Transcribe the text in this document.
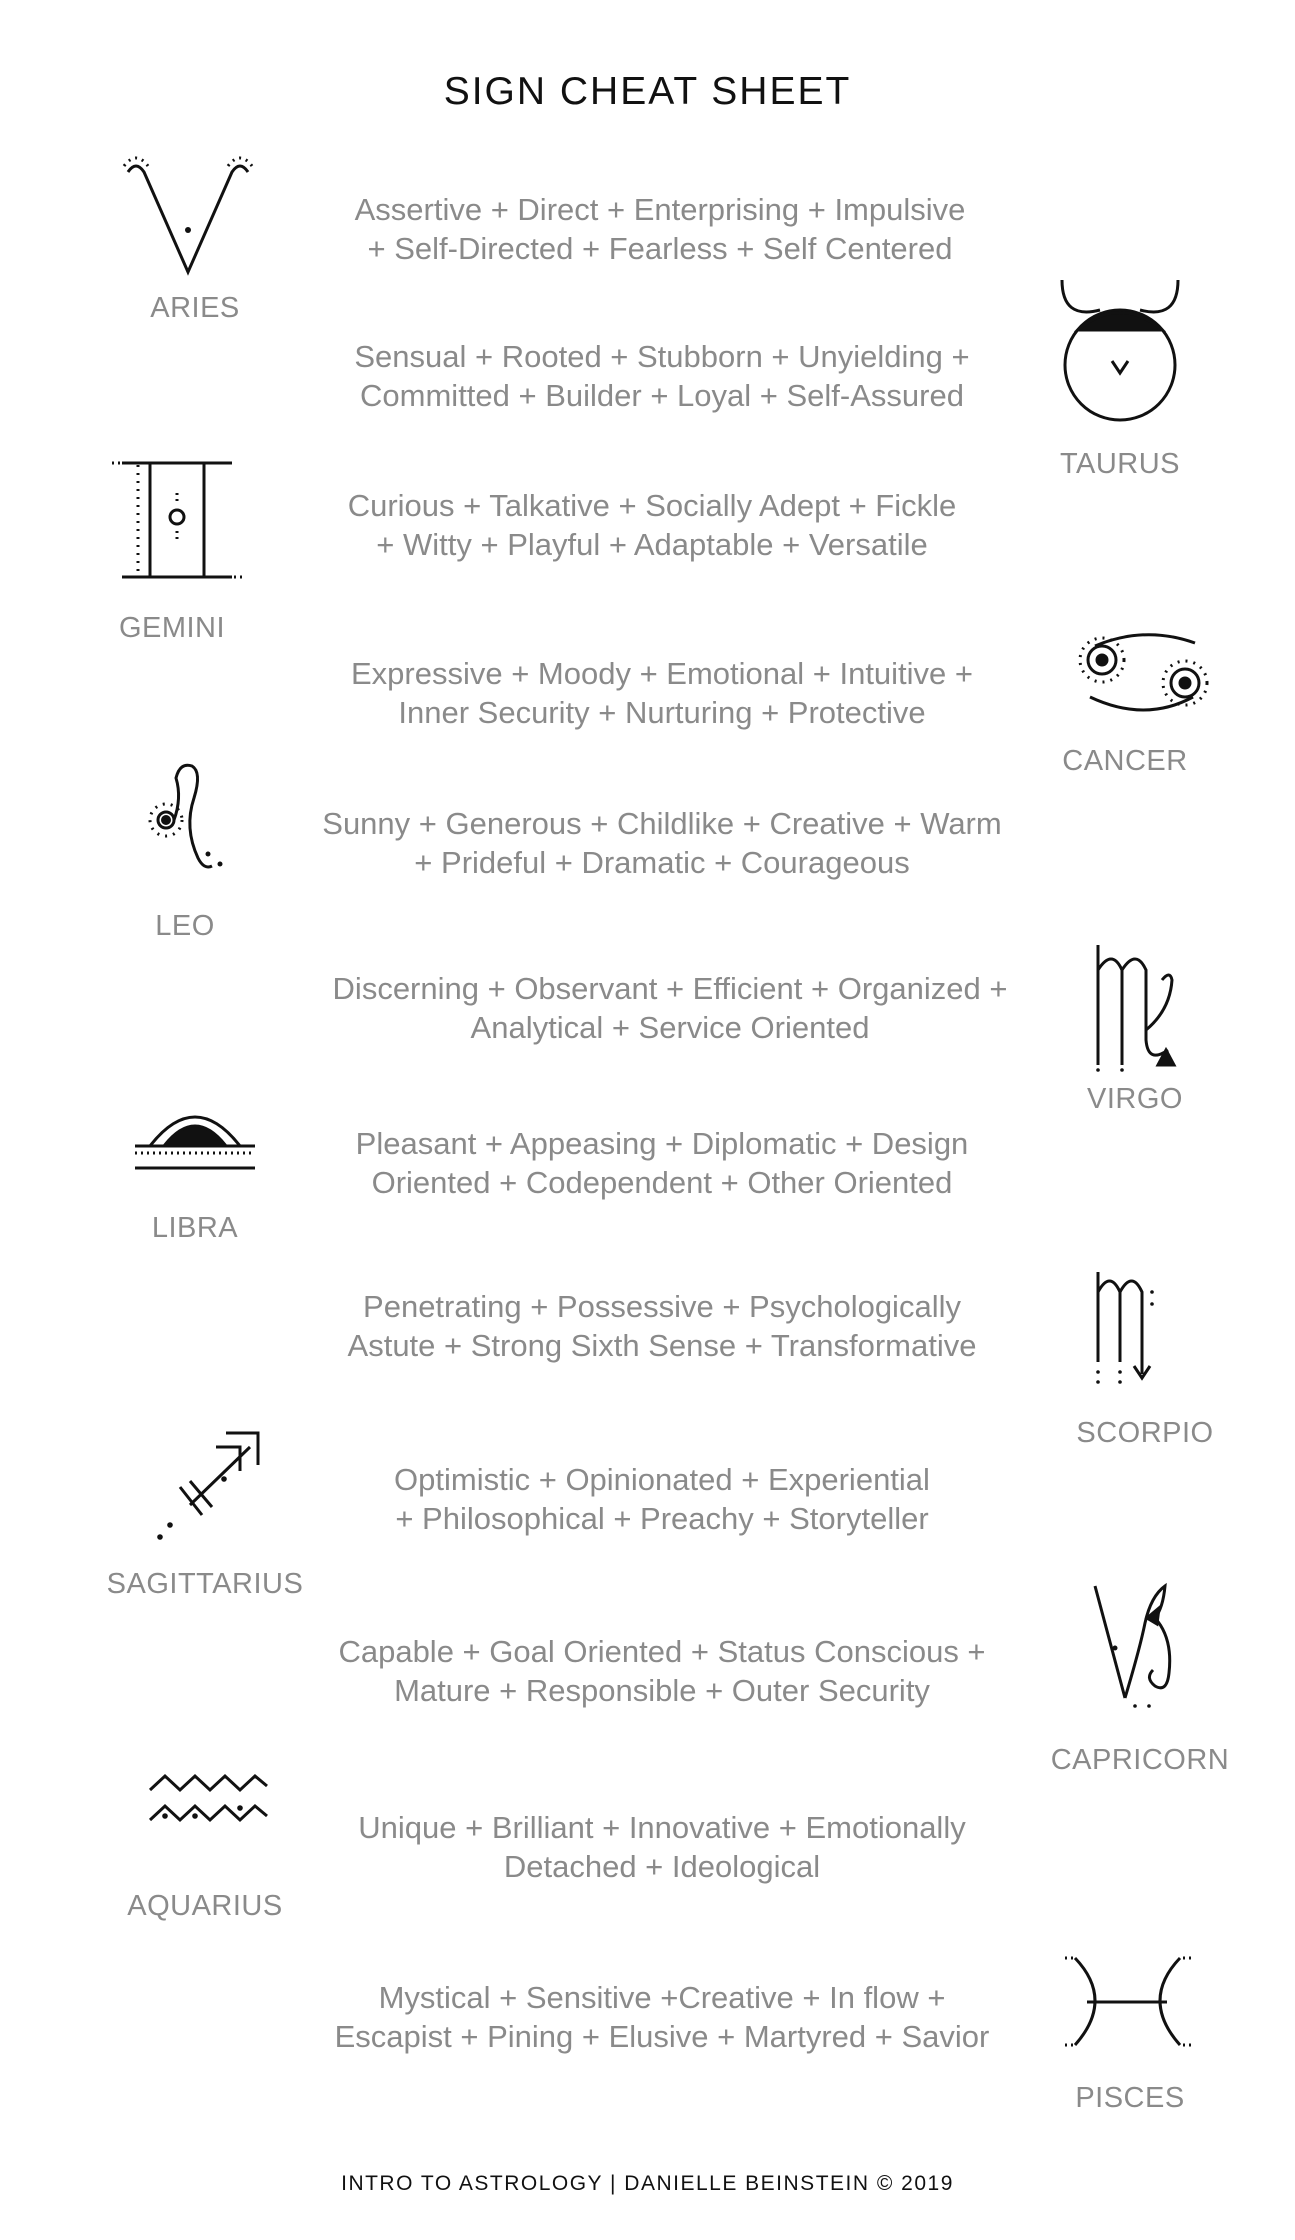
SIGN CHEAT SHEET
ARIES
Assertive + Direct + Enterprising + Impulsive
+ Self-Directed + Fearless + Self Centered
TAURUS
Sensual + Rooted + Stubborn + Unyielding +
Committed + Builder + Loyal + Self-Assured
GEMINI
Curious + Talkative + Socially Adept + Fickle
+ Witty + Playful + Adaptable + Versatile
CANCER
Expressive + Moody + Emotional + Intuitive +
Inner Security + Nurturing + Protective
LEO
Sunny + Generous + Childlike + Creative + Warm
+ Prideful + Dramatic + Courageous
VIRGO
Discerning + Observant + Efficient + Organized +
Analytical + Service Oriented
LIBRA
Pleasant + Appeasing + Diplomatic + Design
Oriented + Codependent + Other Oriented
SCORPIO
Penetrating + Possessive + Psychologically
Astute + Strong Sixth Sense + Transformative
SAGITTARIUS
Optimistic + Opinionated + Experiential
+ Philosophical + Preachy + Storyteller
CAPRICORN
Capable + Goal Oriented + Status Conscious +
Mature + Responsible + Outer Security
AQUARIUS
Unique + Brilliant + Innovative + Emotionally
Detached + Ideological
PISCES
Mystical + Sensitive +Creative + In flow +
Escapist + Pining + Elusive + Martyred + Savior
INTRO TO ASTROLOGY | DANIELLE BEINSTEIN © 2019
